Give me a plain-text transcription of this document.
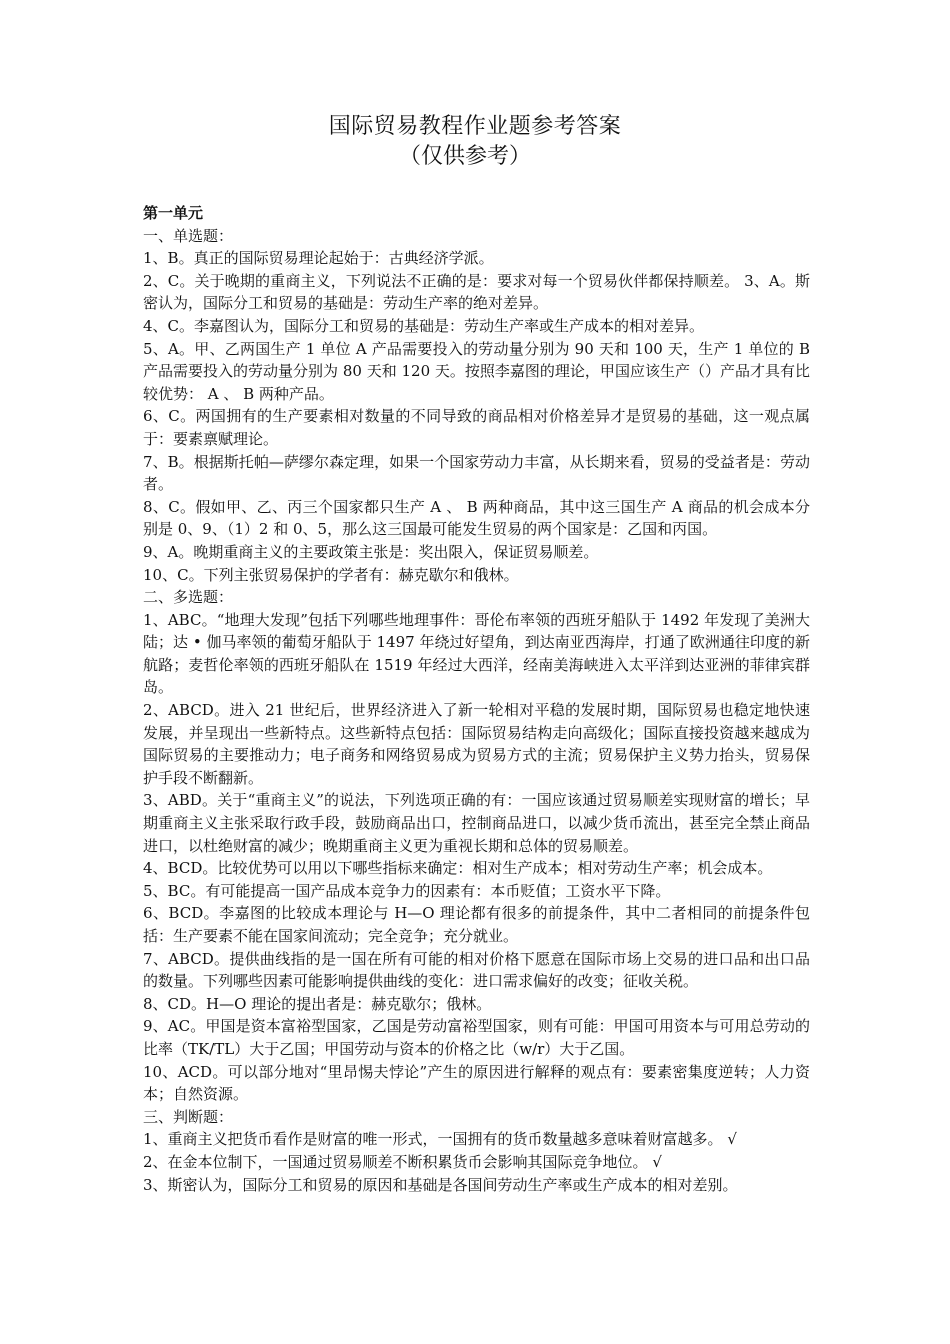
国际贸易教程作业题参考答案
（仅供参考）

第一单元

一、单选题：

1、B。真正的国际贸易理论起始于：古典经济学派。

2、C。关于晚期的重商主义，下列说法不正确的是：要求对每一个贸易伙伴都保持顺差。 3、A。斯密认为，国际分工和贸易的基础是：劳动生产率的绝对差异。

4、C。李嘉图认为，国际分工和贸易的基础是：劳动生产率或生产成本的相对差异。

5、A。甲、乙两国生产 1 单位 A 产品需要投入的劳动量分别为 90 天和 100 天，生产 1 单位的 B 产品需要投入的劳动量分别为 80 天和 120 天。按照李嘉图的理论，甲国应该生产（）产品才具有比较优势： A 、 B 两种产品。

6、C。两国拥有的生产要素相对数量的不同导致的商品相对价格差异才是贸易的基础，这一观点属于：要素禀赋理论。

7、B。根据斯托帕—萨缪尔森定理，如果一个国家劳动力丰富，从长期来看，贸易的受益者是：劳动者。

8、C。假如甲、乙、丙三个国家都只生产 A 、 B 两种商品，其中这三国生产 A 商品的机会成本分别是 0、9、（1）2 和 0、5，那么这三国最可能发生贸易的两个国家是：乙国和丙国。

9、A。晚期重商主义的主要政策主张是：奖出限入，保证贸易顺差。

10、C。下列主张贸易保护的学者有：赫克歇尔和俄林。

二、多选题：

1、ABC。“地理大发现”包括下列哪些地理事件：哥伦布率领的西班牙船队于 1492 年发现了美洲大陆；达 • 伽马率领的葡萄牙船队于 1497 年绕过好望角，到达南亚西海岸，打通了欧洲通往印度的新航路；麦哲伦率领的西班牙船队在 1519 年经过大西洋，经南美海峡进入太平洋到达亚洲的菲律宾群岛。

2、ABCD。进入 21 世纪后，世界经济进入了新一轮相对平稳的发展时期，国际贸易也稳定地快速发展，并呈现出一些新特点。这些新特点包括：国际贸易结构走向高级化；国际直接投资越来越成为国际贸易的主要推动力；电子商务和网络贸易成为贸易方式的主流；贸易保护主义势力抬头，贸易保护手段不断翻新。

3、ABD。关于“重商主义”的说法，下列选项正确的有：一国应该通过贸易顺差实现财富的增长；早期重商主义主张采取行政手段，鼓励商品出口，控制商品进口，以减少货币流出，甚至完全禁止商品进口，以杜绝财富的减少；晚期重商主义更为重视长期和总体的贸易顺差。

4、BCD。比较优势可以用以下哪些指标来确定：相对生产成本；相对劳动生产率；机会成本。

5、BC。有可能提高一国产品成本竞争力的因素有：本币贬值；工资水平下降。

6、BCD。李嘉图的比较成本理论与 H—O 理论都有很多的前提条件，其中二者相同的前提条件包括：生产要素不能在国家间流动；完全竞争；充分就业。

7、ABCD。提供曲线指的是一国在所有可能的相对价格下愿意在国际市场上交易的进口品和出口品的数量。下列哪些因素可能影响提供曲线的变化：进口需求偏好的改变；征收关税。

8、CD。H—O 理论的提出者是：赫克歇尔；俄林。

9、AC。甲国是资本富裕型国家，乙国是劳动富裕型国家，则有可能：甲国可用资本与可用总劳动的比率（TK/TL）大于乙国；甲国劳动与资本的价格之比（w/r）大于乙国。

10、ACD。可以部分地对“里昂惕夫悖论”产生的原因进行解释的观点有：要素密集度逆转；人力资本；自然资源。

三、判断题：

1、重商主义把货币看作是财富的唯一形式，一国拥有的货币数量越多意味着财富越多。 √

2、在金本位制下，一国通过贸易顺差不断积累货币会影响其国际竞争地位。 √

3、斯密认为，国际分工和贸易的原因和基础是各国间劳动生产率或生产成本的相对差别。
